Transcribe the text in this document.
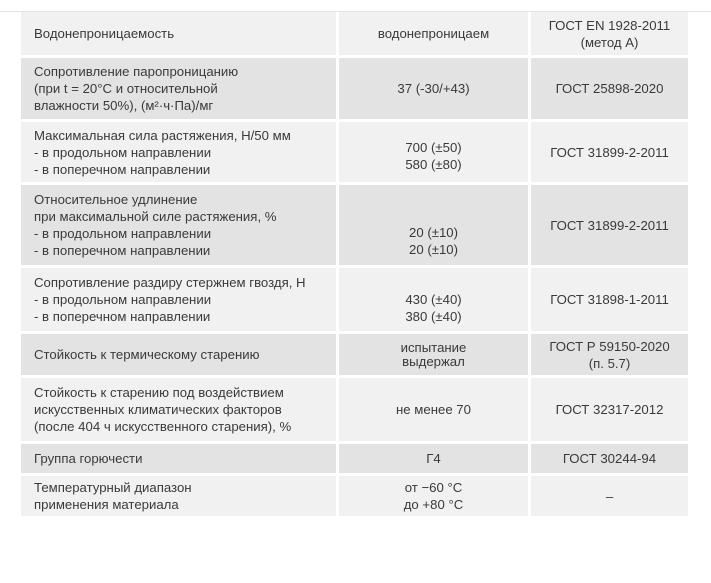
Водонепроницаемость	водонепроницаем	ГОСТ EN 1928-2011
(метод А)

Сопротивление паропроницанию
(при t = 20°C и относительной
влажности 50%), (м²·ч·Па)/мг	37 (-30/+43)	ГОСТ 25898-2020

Максимальная сила растяжения, Н/50 мм
- в продольном направлении
- в поперечном направлении	700 (±50)
580 (±80)	ГОСТ 31899-2-2011

Относительное удлинение
при максимальной силе растяжения, %
- в продольном направлении
- в поперечном направлении	20 (±10)
20 (±10)	ГОСТ 31899-2-2011

Сопротивление раздиру стержнем гвоздя, Н
- в продольном направлении
- в поперечном направлении	430 (±40)
380 (±40)	ГОСТ 31898-1-2011

Стойкость к термическому старению	испытание
выдержал	ГОСТ Р 59150-2020
(п. 5.7)

Стойкость к старению под воздействием
искусственных климатических факторов
(после 404 ч искусственного старения), %	не менее 70	ГОСТ 32317-2012

Группа горючести	Г4	ГОСТ 30244-94

Температурный диапазон
применения материала	от −60 °С
до +80 °С	–
